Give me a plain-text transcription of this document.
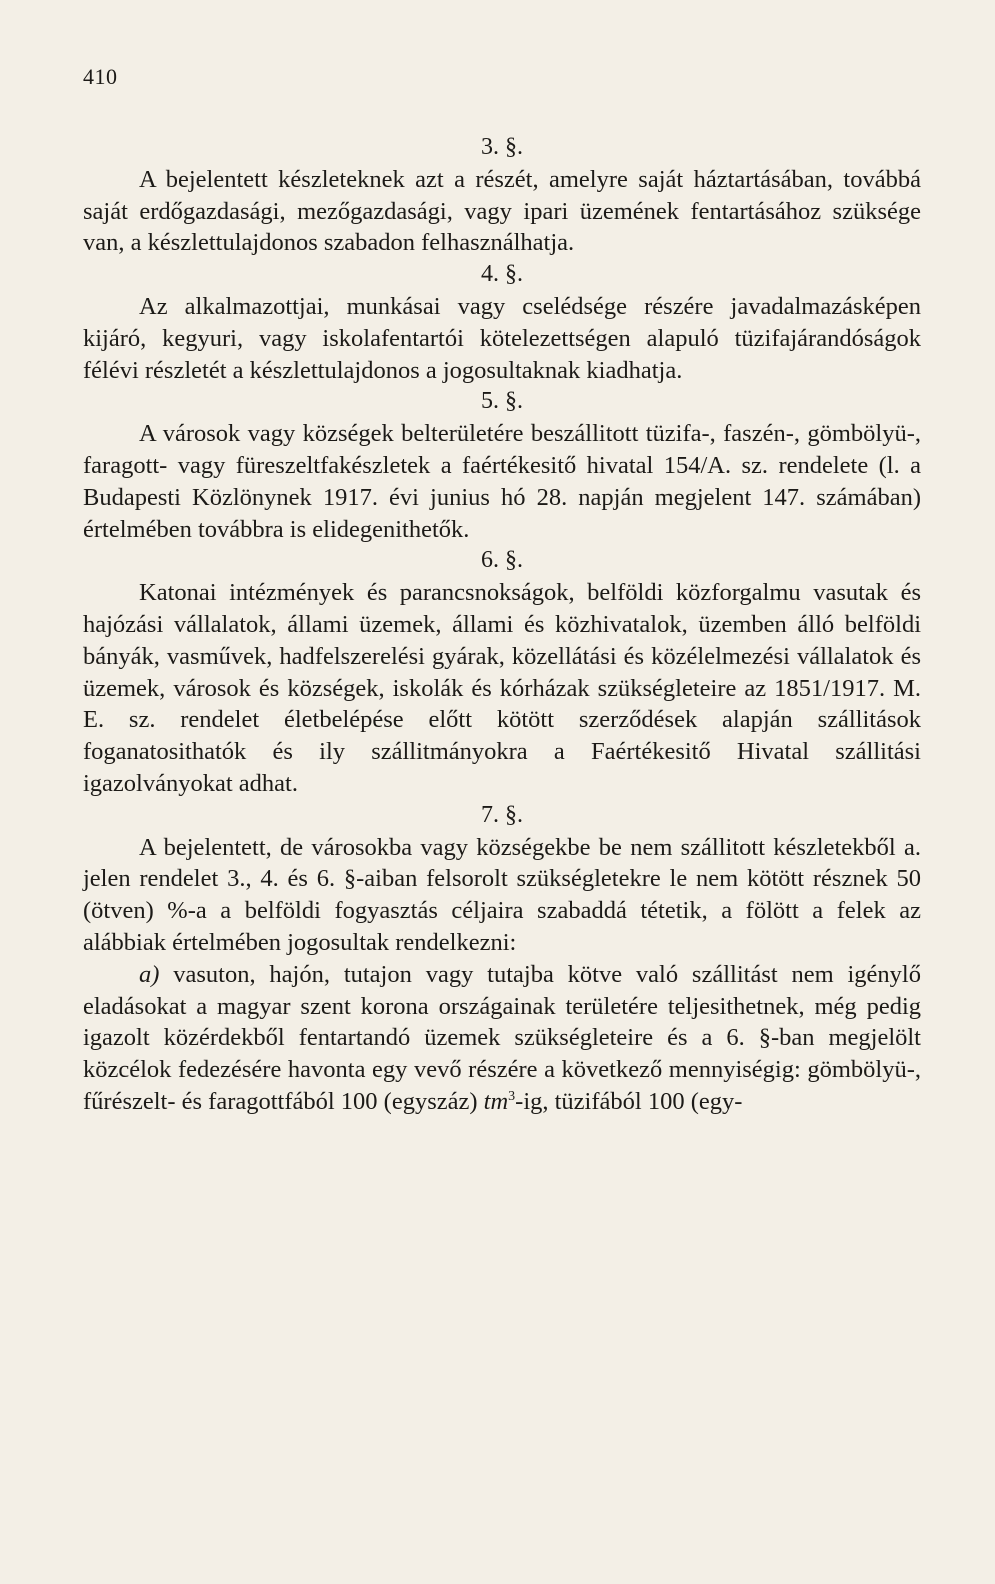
410

3. §.

A bejelentett készleteknek azt a részét, amelyre saját háztartásában, továbbá saját erdőgazdasági, mezőgazdasági, vagy ipari üzemének fentartásához szüksége van, a készlettulajdonos szabadon felhasználhatja.

4. §.

Az alkalmazottjai, munkásai vagy cselédsége részére javadalmazásképen kijáró, kegyuri, vagy iskolafentartói kötelezettségen alapuló tüzifajárandóságok félévi részletét a készlettulajdonos a jogosultaknak kiadhatja.

5. §.

A városok vagy községek belterületére beszállitott tüzifa-, faszén-, gömbölyü-, faragott- vagy füreszeltfakészletek a faértékesitő hivatal 154/A. sz. rendelete (l. a Budapesti Közlönynek 1917. évi junius hó 28. napján megjelent 147. számában) értelmében továbbra is elidegenithetők.

6. §.

Katonai intézmények és parancsnokságok, belföldi közforgalmu vasutak és hajózási vállalatok, állami üzemek, állami és közhivatalok, üzemben álló belföldi bányák, vasművek, hadfelszerelési gyárak, közellátási és közélelmezési vállalatok és üzemek, városok és községek, iskolák és kórházak szükségleteire az 1851/1917. M. E. sz. rendelet életbelépése előtt kötött szerződések alapján szállitások foganatosithatók és ily szállitmányokra a Faértékesitő Hivatal szállitási igazolványokat adhat.

7. §.

A bejelentett, de városokba vagy községekbe be nem szállitott készletekből a. jelen rendelet 3., 4. és 6. §-aiban felsorolt szükségletekre le nem kötött résznek 50 (ötven) %-a a belföldi fogyasztás céljaira szabaddá tétetik, a fölött a felek az alábbiak értelmében jogosultak rendelkezni:

a) vasuton, hajón, tutajon vagy tutajba kötve való szállitást nem igénylő eladásokat a magyar szent korona országainak területére teljesithetnek, még pedig igazolt közérdekből fentartandó üzemek szükségleteire és a 6. §-ban megjelölt közcélok fedezésére havonta egy vevő részére a következő mennyiségig: gömbölyü-, fűrészelt- és faragottfából 100 (egyszáz) $tm^3-ig$, tüzifából 100 (egy-
